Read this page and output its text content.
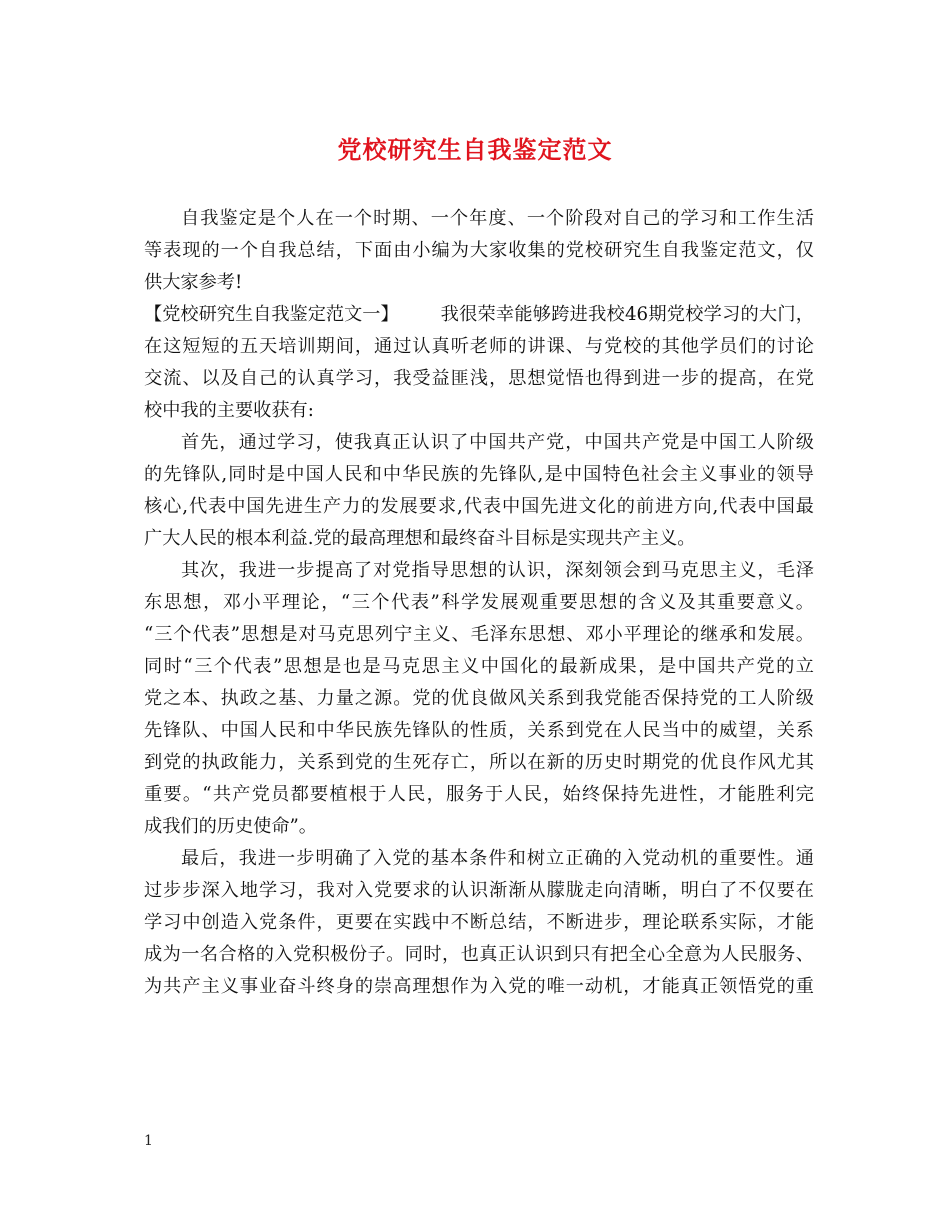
党校研究生自我鉴定范文
自我鉴定是个人在一个时期、一个年度、一个阶段对自己的学习和工作生活
等表现的一个自我总结，下面由小编为大家收集的党校研究生自我鉴定范文，仅
供大家参考!
【党校研究生自我鉴定范文一】	我很荣幸能够跨进我校46期党校学习的大门，
在这短短的五天培训期间，通过认真听老师的讲课、与党校的其他学员们的讨论
交流、以及自己的认真学习，我受益匪浅，思想觉悟也得到进一步的提高，在党
校中我的主要收获有:
首先，通过学习，使我真正认识了中国共产党，中国共产党是中国工人阶级
的先锋队,同时是中国人民和中华民族的先锋队,是中国特色社会主义事业的领导
核心,代表中国先进生产力的发展要求,代表中国先进文化的前进方向,代表中国最
广大人民的根本利益.党的最高理想和最终奋斗目标是实现共产主义。
其次，我进一步提高了对党指导思想的认识，深刻领会到马克思主义，毛泽
东思想，邓小平理论，“三个代表”科学发展观重要思想的含义及其重要意义。
“三个代表”思想是对马克思列宁主义、毛泽东思想、邓小平理论的继承和发展。
同时“三个代表”思想是也是马克思主义中国化的最新成果，是中国共产党的立
党之本、执政之基、力量之源。党的优良做风关系到我党能否保持党的工人阶级
先锋队、中国人民和中华民族先锋队的性质，关系到党在人民当中的威望，关系
到党的执政能力，关系到党的生死存亡，所以在新的历史时期党的优良作风尤其
重要。“共产党员都要植根于人民，服务于人民，始终保持先进性，才能胜利完
成我们的历史使命”。
最后，我进一步明确了入党的基本条件和树立正确的入党动机的重要性。通
过步步深入地学习，我对入党要求的认识渐渐从朦胧走向清晰，明白了不仅要在
学习中创造入党条件，更要在实践中不断总结，不断进步，理论联系实际，才能
成为一名合格的入党积极份子。同时，也真正认识到只有把全心全意为人民服务、
为共产主义事业奋斗终身的崇高理想作为入党的唯一动机，才能真正领悟党的重
1
